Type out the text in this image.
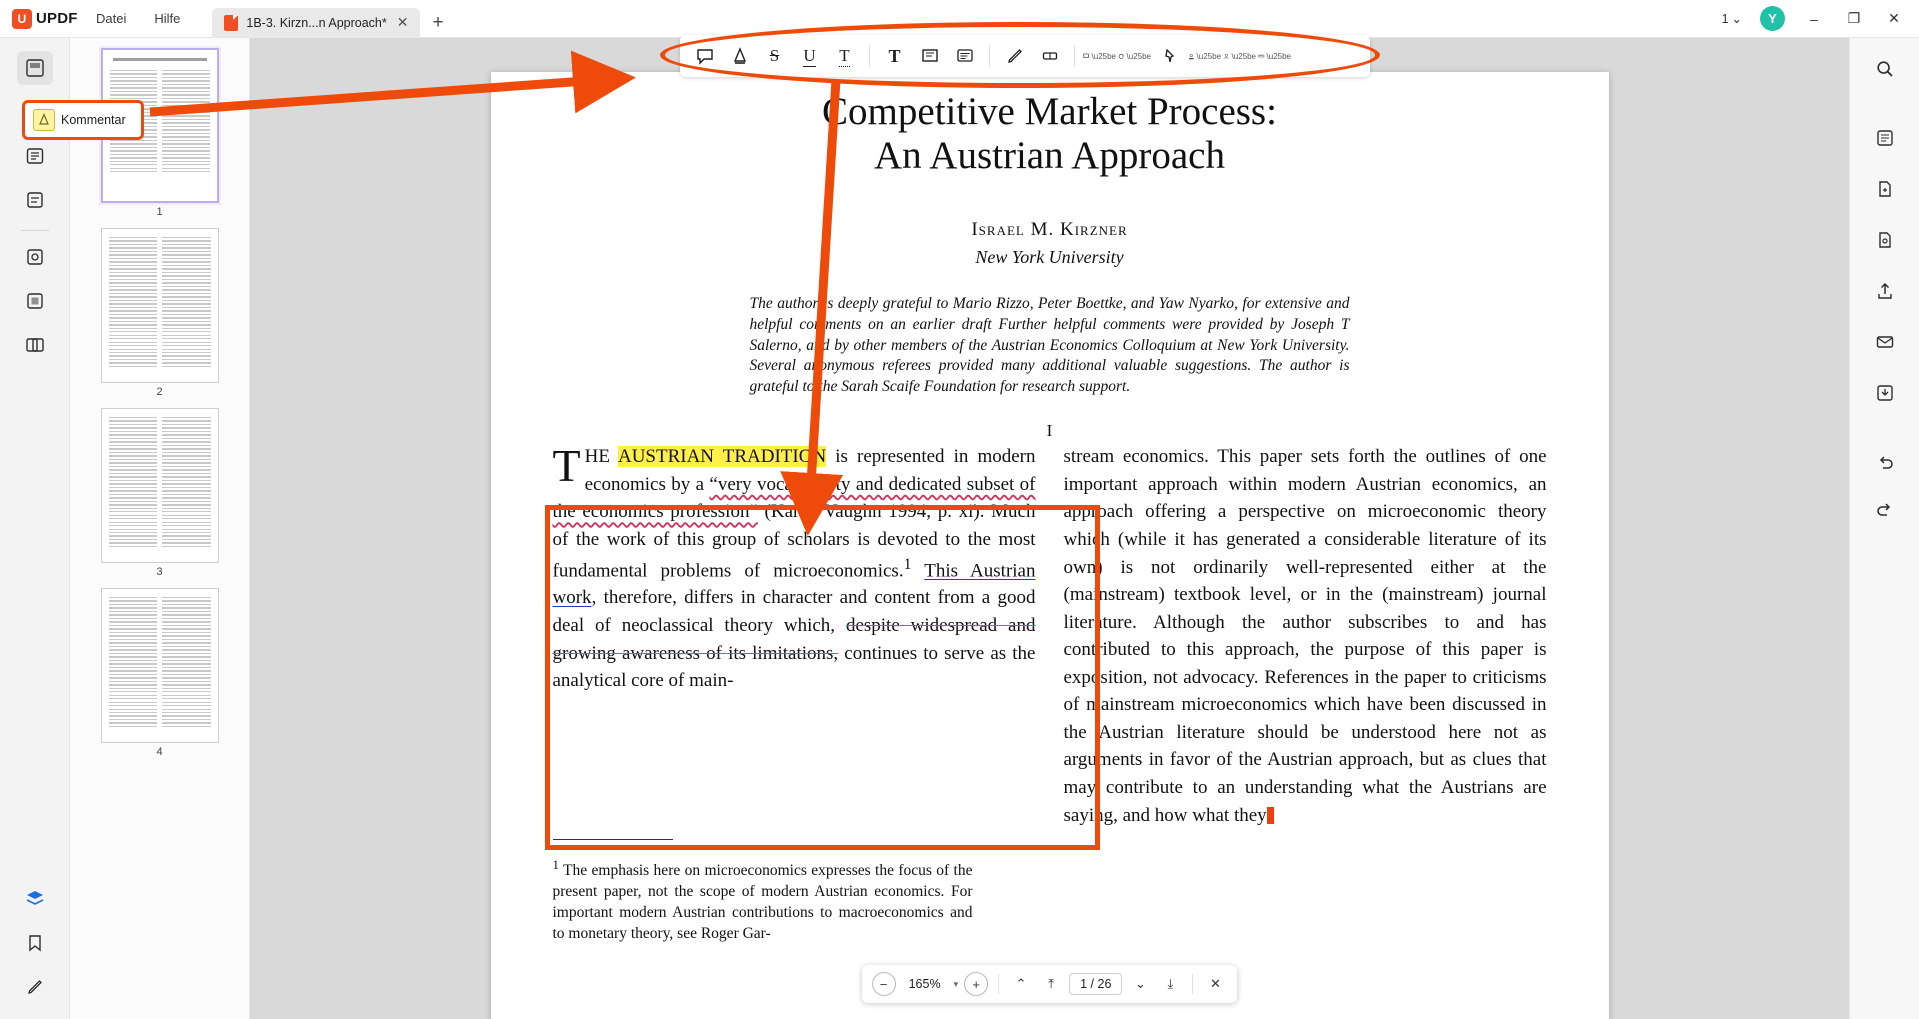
U UPDF	Datei	Hilfe	1B-3. Kirzn...n Approach* ✕ +	1 ⌄	Y	–	❐	✕
1
2
3
4
Competitive Market Process:
An Austrian Approach
Israel M. Kirzner
New York University
The author is deeply grateful to Mario Rizzo, Peter Boettke, and Yaw Nyarko, for extensive and helpful comments on an earlier draft Further helpful comments were provided by Joseph T Salerno, and by other members of the Austrian Economics Colloquium at New York University. Several anonymous referees provided many additional valuable suggestions. The author is grateful to the Sarah Scaife Foundation for research support.
I
THE AUSTRIAN TRADITION is represented in modern economics by a “very vocal, feisty and dedicated subset of the economics profession” (Karen Vaughn 1994, p. xi). Much of the work of this group of scholars is devoted to the most fundamental problems of microeconomics.$^1$ This Austrian work, therefore, differs in character and content from a good deal of neoclassical theory which, despite widespread and growing awareness of its limitations, continues to serve as the analytical core of main-
stream economics. This paper sets forth the outlines of one important approach within modern Austrian economics, an approach offering a perspective on microeconomic theory which (while it has generated a considerable literature of its own) is not ordinarily well-represented either at the (mainstream) textbook level, or in the (mainstream) journal literature. Although the author subscribes to and has contributed to this approach, the purpose of this paper is exposition, not advocacy. References in the paper to criticisms of mainstream microeconomics which have been discussed in the Austrian literature should be understood here not as arguments in favor of the Austrian approach, but as clues that may contribute to an understanding what the Austrians are saying, and how what they
$^1$ The emphasis here on microeconomics expresses the focus of the present paper, not the scope of modern Austrian economics. For important modern Austrian contributions to macroeconomics and to monetary theory, see Roger Gar-
−	165%	▾	+	⌃	⤒	1 / 26	⌄	⤓	✕
S U T T	\u25be \u25be	\u25be \u25be \u25be
Kommentar
